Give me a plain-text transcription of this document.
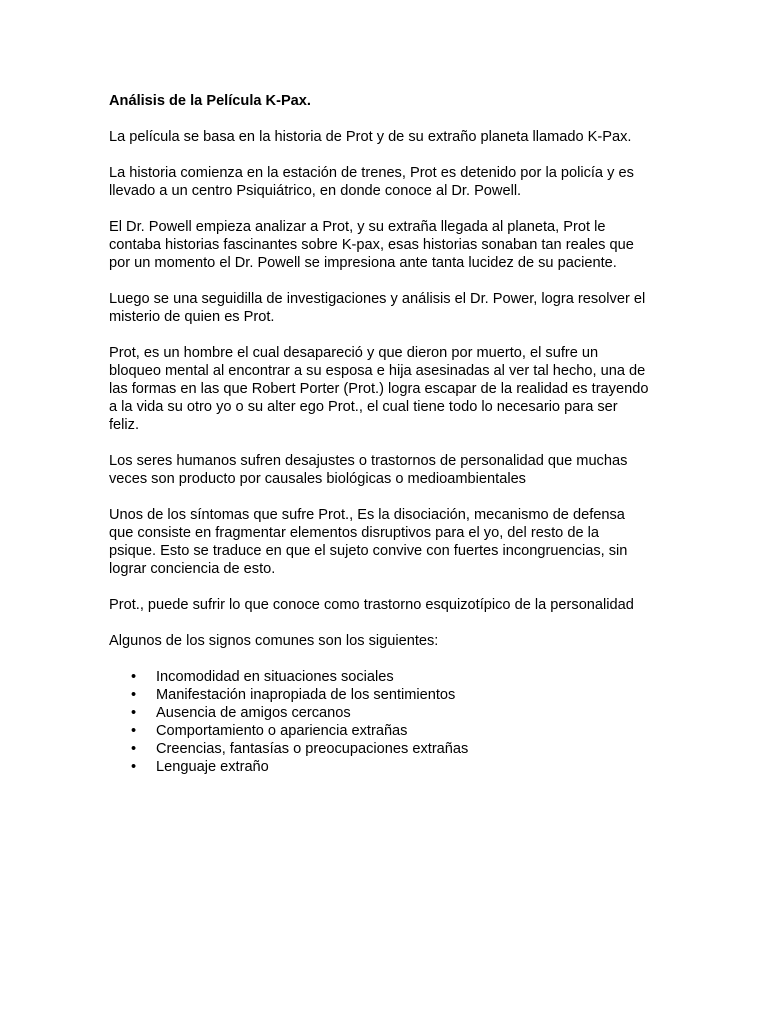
Análisis de la Película K-Pax.

La película se basa en la historia de Prot y de su extraño planeta llamado K-Pax.

La historia comienza en la estación de trenes, Prot es detenido por la policía y es llevado a un centro Psiquiátrico, en donde conoce al Dr. Powell.

El Dr. Powell empieza analizar a Prot, y su extraña llegada al planeta, Prot le contaba historias fascinantes sobre K-pax, esas historias sonaban tan reales que por un momento el Dr. Powell se impresiona ante tanta lucidez de su paciente.

Luego se una seguidilla de investigaciones y análisis el Dr. Power, logra resolver el misterio de quien es Prot.

Prot, es un hombre el cual desapareció y que dieron por muerto, el sufre un bloqueo mental al encontrar a su esposa e hija asesinadas al ver tal hecho, una de las formas en las que Robert Porter (Prot.) logra escapar de la realidad es trayendo a la vida su otro yo o su alter ego Prot., el cual tiene todo lo necesario para ser feliz.

Los seres humanos sufren desajustes o trastornos de personalidad que muchas veces son producto por causales biológicas o medioambientales

Unos de los síntomas que sufre Prot., Es la disociación, mecanismo de defensa que consiste en fragmentar elementos disruptivos para el yo, del resto de la psique. Esto se traduce en que el sujeto convive con fuertes incongruencias, sin lograr conciencia de esto.

Prot., puede sufrir lo que conoce como trastorno esquizotípico de la personalidad

Algunos de los signos comunes son los siguientes:

• Incomodidad en situaciones sociales
• Manifestación inapropiada de los sentimientos
• Ausencia de amigos cercanos
• Comportamiento o apariencia extrañas
• Creencias, fantasías o preocupaciones extrañas
• Lenguaje extraño
